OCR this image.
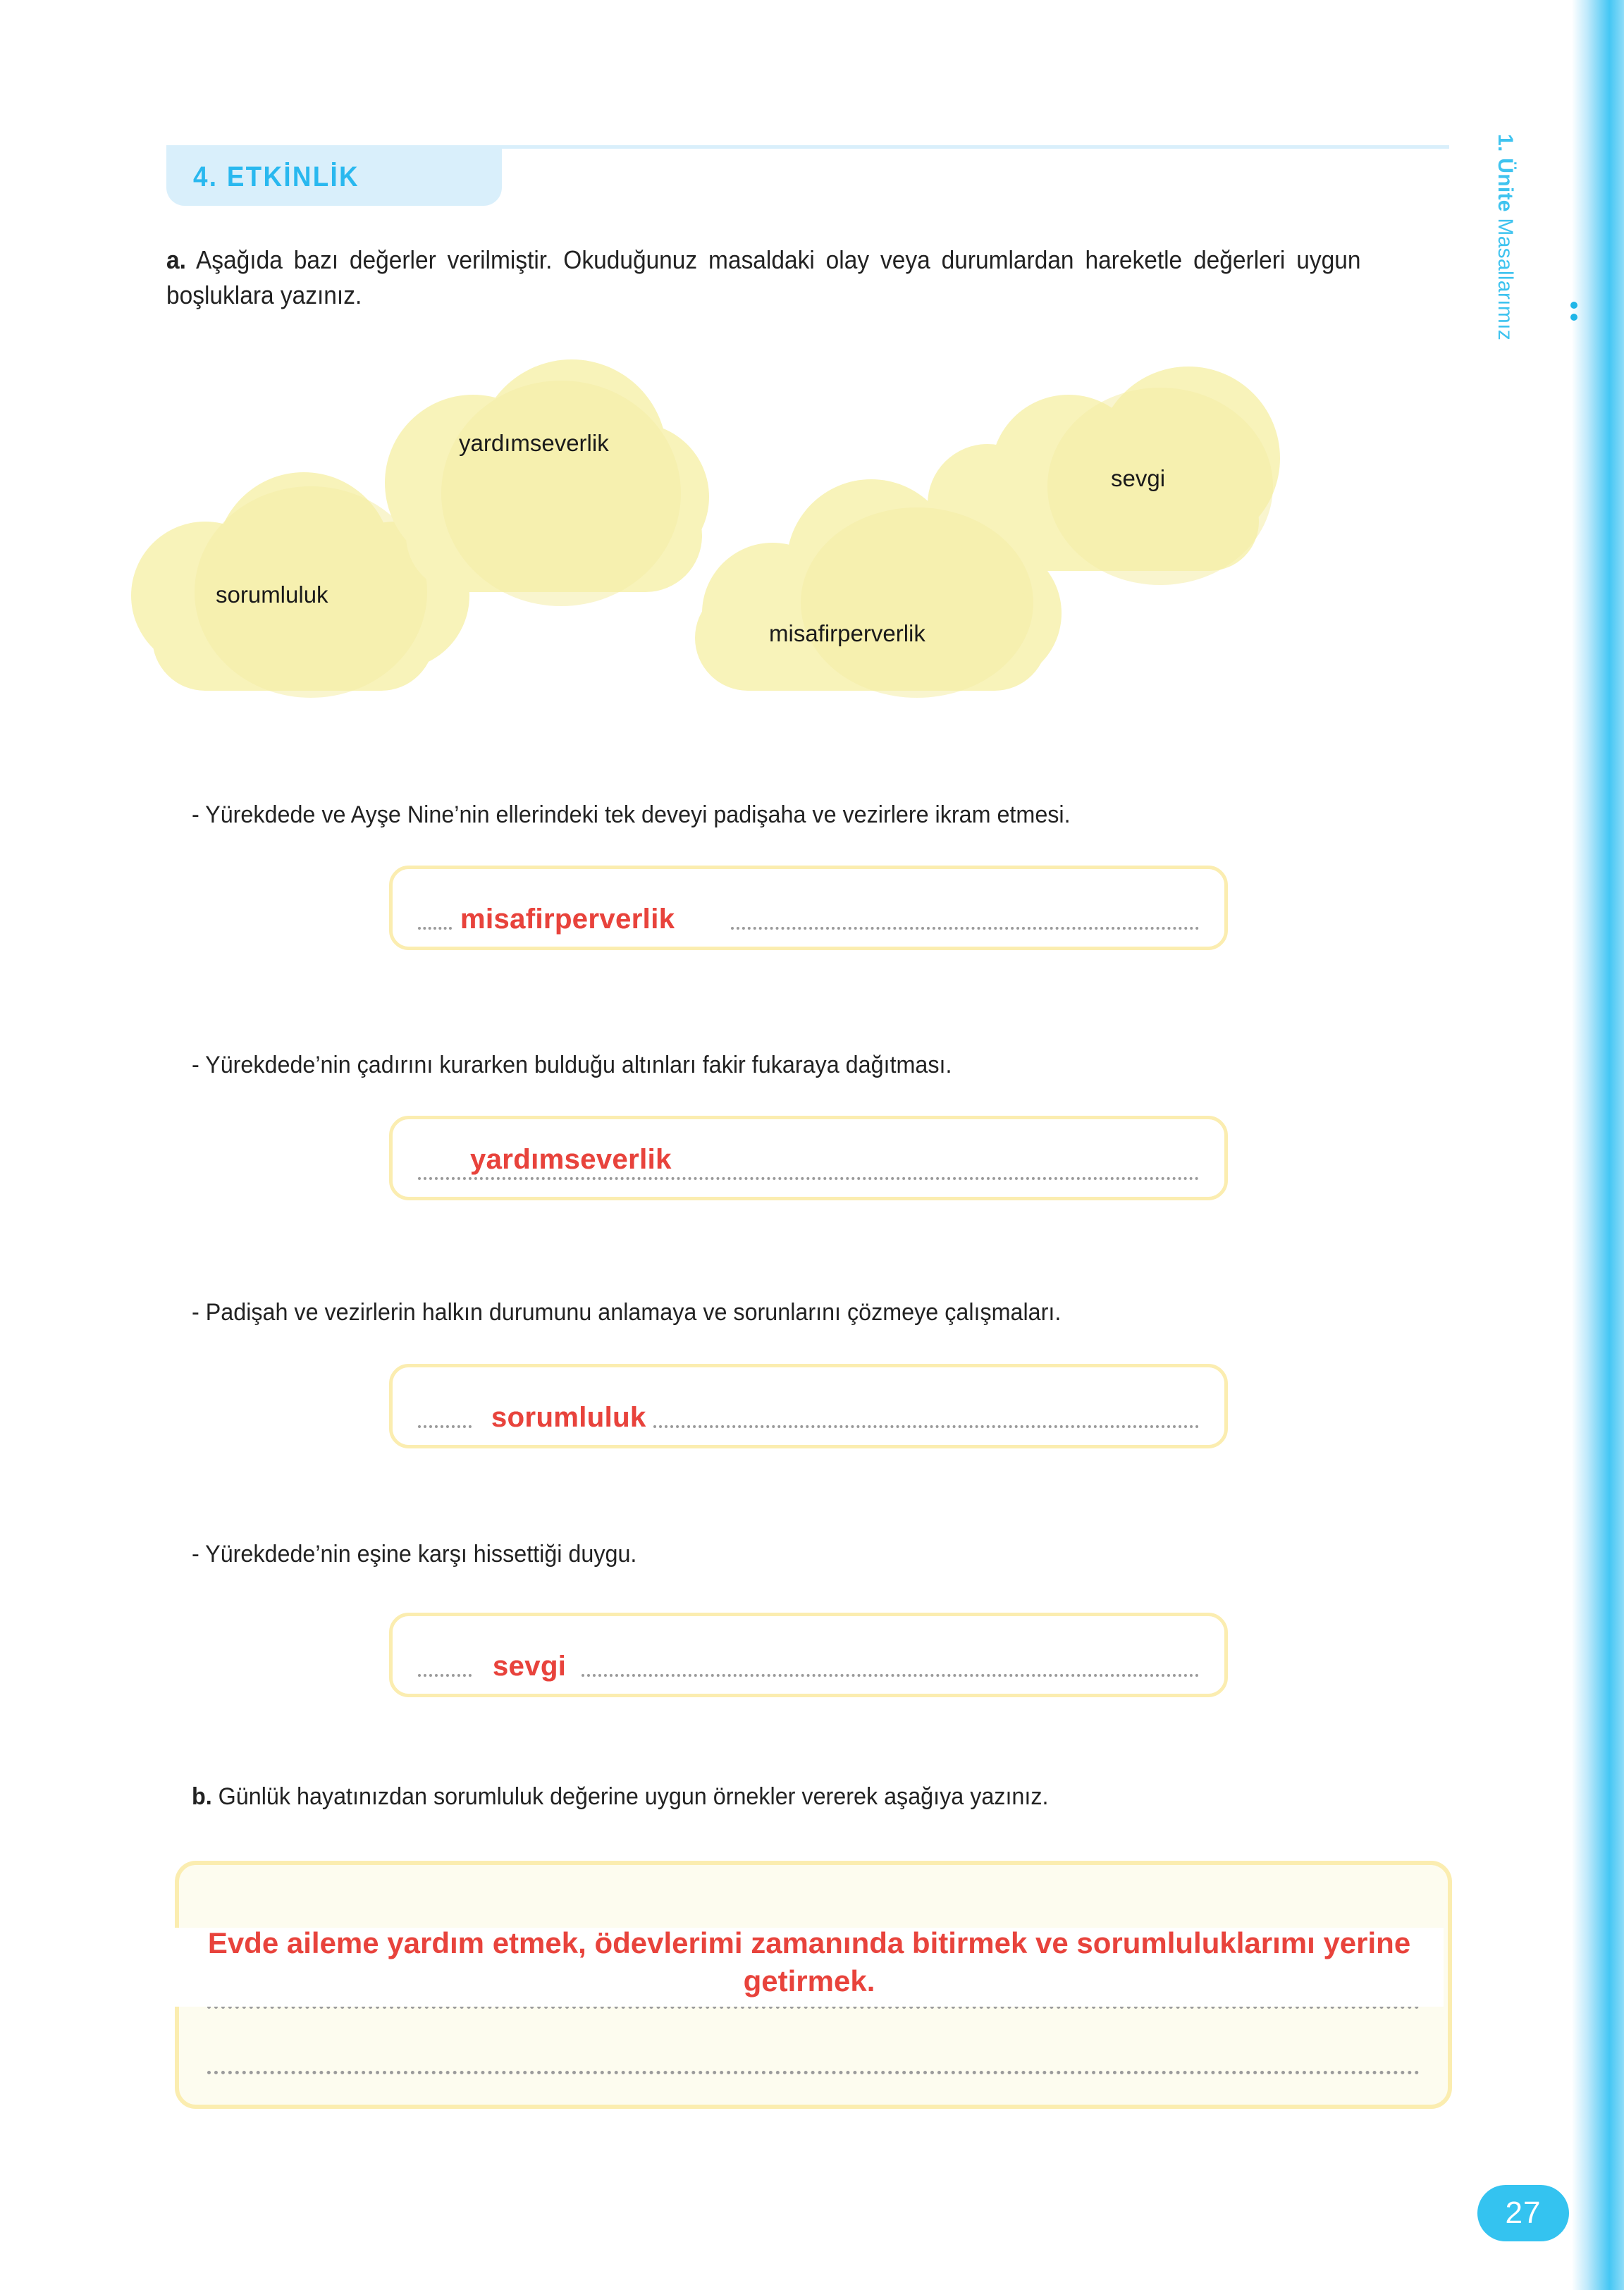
1. Ünite Masallarımız
27
4. ETKİNLİK
a. Aşağıda bazı değerler verilmiştir. Okuduğunuz masaldaki olay veya durumlardan hareketle değerleri uygun boşluklara yazınız.
sorumluluk
yardımseverlik
sevgi
misafirperverlik
- Yürekdede ve Ayşe Nine’nin ellerindeki tek deveyi padişaha ve vezirlere ikram etmesi.
misafirperverlik
- Yürekdede’nin çadırını kurarken bulduğu altınları fakir fukaraya dağıtması.
yardımseverlik
- Padişah ve vezirlerin halkın durumunu anlamaya ve sorunlarını çözmeye çalışmaları.
sorumluluk
- Yürekdede’nin eşine karşı hissettiği duygu.
sevgi
b. Günlük hayatınızdan sorumluluk değerine uygun örnekler vererek aşağıya yazınız.
Evde aileme yardım etmek, ödevlerimi zamanında bitirmek ve sorumluluklarımı yerine getirmek.
